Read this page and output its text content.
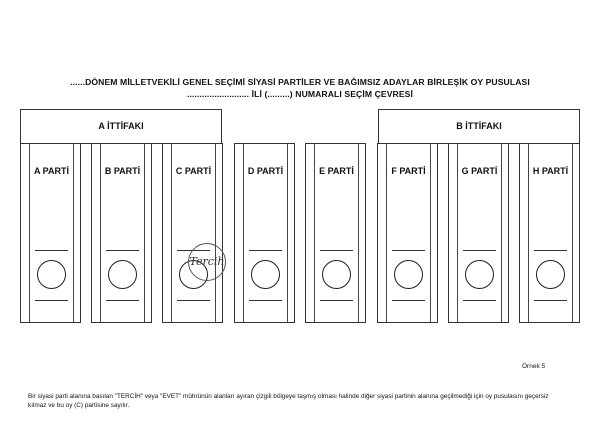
......DÖNEM MİLLETVEKİLİ GENEL SEÇİMİ SİYASİ PARTİLER VE BAĞIMSIZ ADAYLAR BİRLEŞİK OY PUSULASI
......................... İLİ (.........) NUMARALI SEÇİM ÇEVRESİ
A İTTİFAKI	B İTTİFAKI
A PARTİ	B PARTİ	C PARTİ	D PARTİ	E PARTİ	F PARTİ	G PARTİ	H PARTİ
Tercih
Örnek 5
Bir siyasi parti alanına basılan "TERCİH" veya "EVET" mührünün alanları ayıran çizgili bölgeye taşmış olması halinde diğer siyasi partinin alanına geçilmediği için oy pusulasını geçersiz kılmaz ve bu oy (C) partisine sayılır.
